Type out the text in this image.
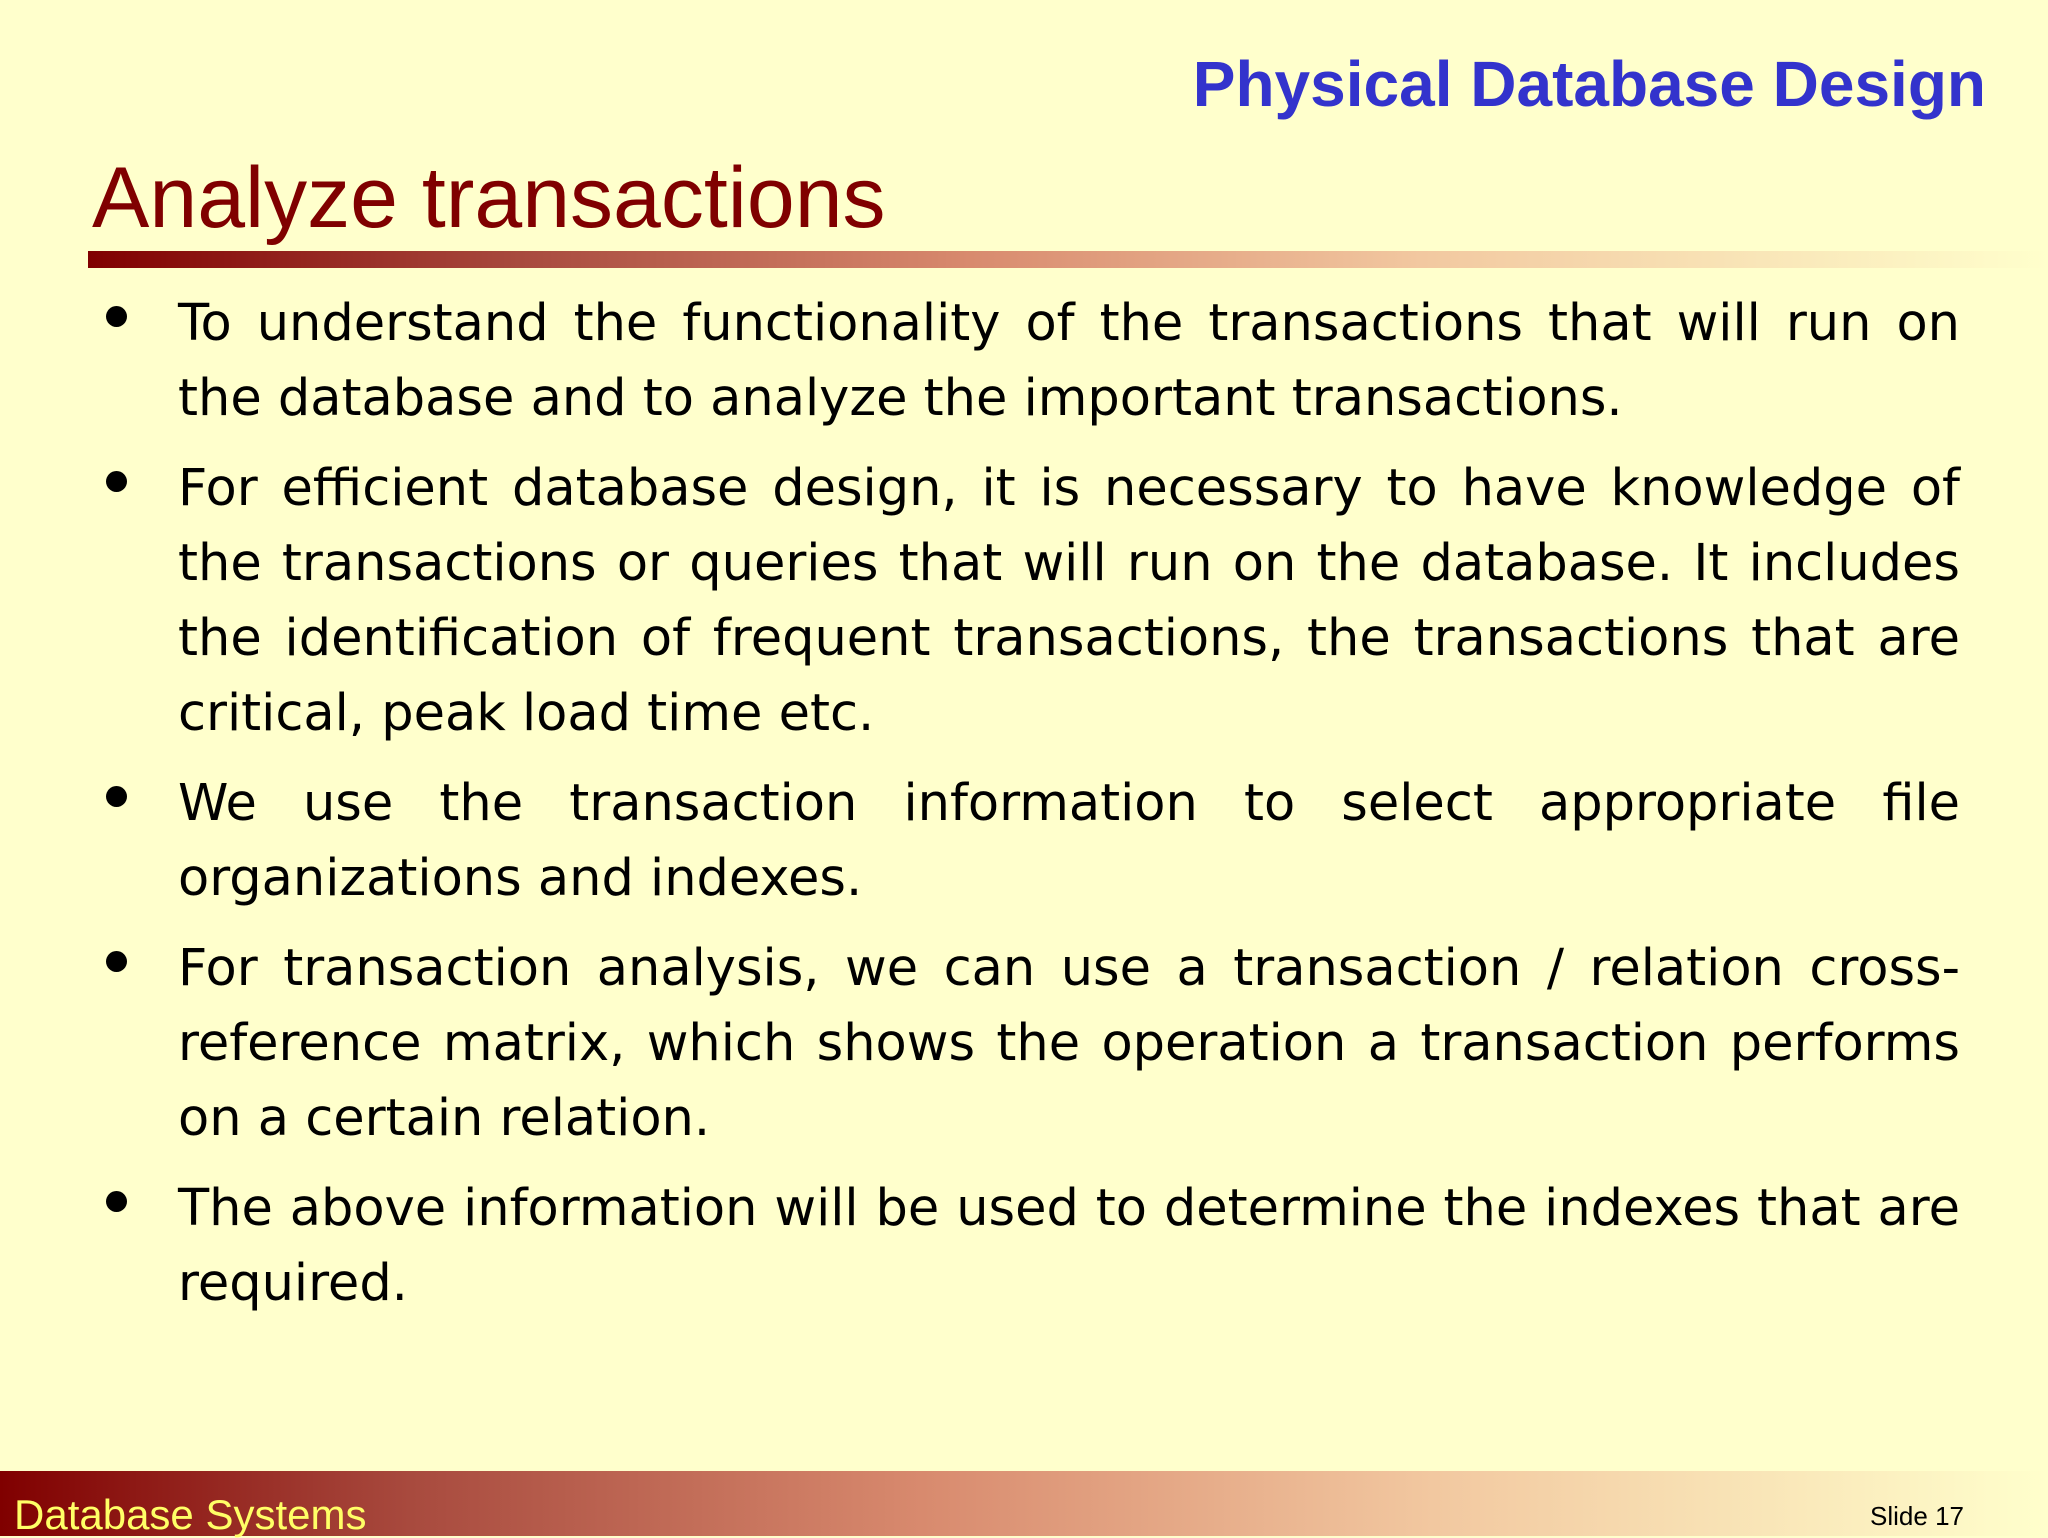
Physical Database Design
Analyze transactions
To understand the functionality of the transactions that will run on the database and to analyze the important transactions.
For efficient database design, it is necessary to have knowledge of the transactions or queries that will run on the database. It includes the identification of frequent transactions, the transactions that are critical, peak load time etc.
We use the transaction information to select appropriate file organizations and indexes.
For transaction analysis, we can use a transaction / relation cross-reference matrix, which shows the operation a transaction performs on a certain relation.
The above information will be used to determine the indexes that are required.
Database Systems	Slide 17
